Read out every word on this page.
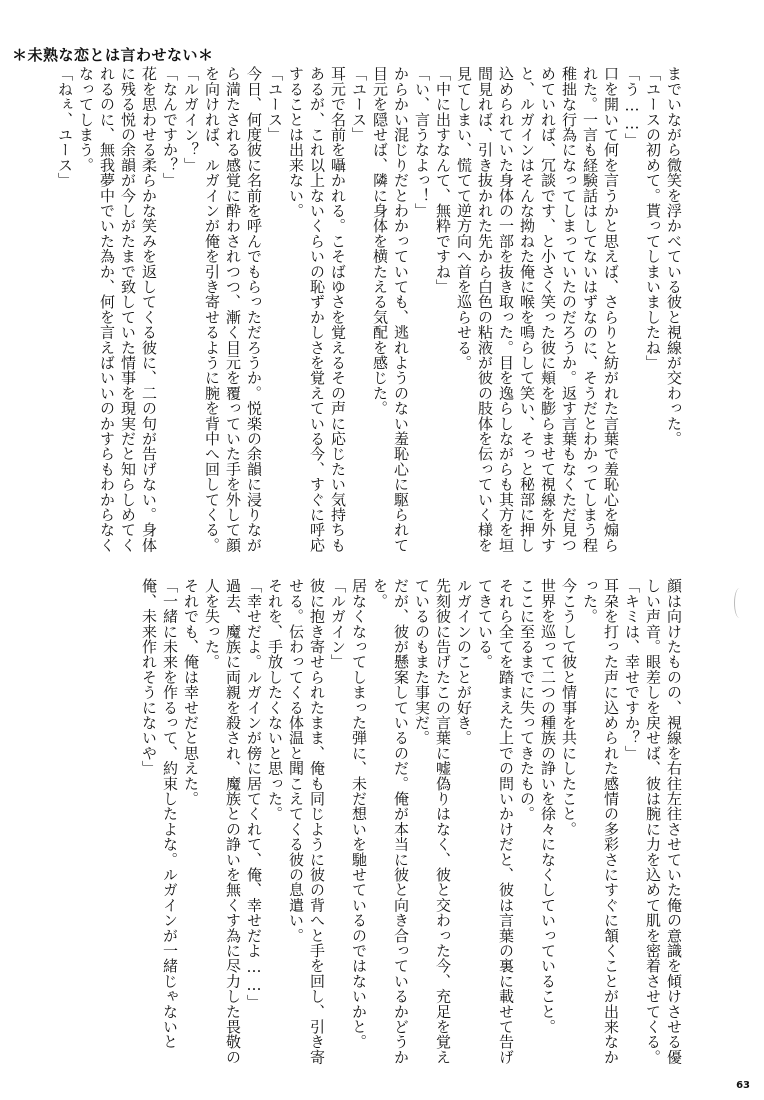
＊未熟な恋とは言わせない＊

までいながら微笑を浮かべている彼と視線が交わった。

「ユースの初めて。貰ってしまいましたね」

「う……」

口を開いて何を言うかと思えば、さらりと紡がれた言葉で羞恥心を煽られた。一言も経験話はしてないはずなのに、そうだとわかってしまう程稚拙な行為になってしまっていたのだろうか。返す言葉もなくただ見つめていれば、冗談です、と小さく笑った彼に頬を膨らませて視線を外すと、ルガインはそんな拗ねた俺に喉を鳴らして笑い、そっと秘部に押し込められていた身体の一部を抜き取った。目を逸らしながらも其方を垣間見れば、引き抜かれた先から白色の粘液が彼の肢体を伝っていく様を見てしまい、慌てて逆方向へ首を巡らせる。

「中に出すなんて、無粋ですね」

「い、言うなよっ！」

からかい混じりだとわかっていても、逃れようのない羞恥心に駆られて目元を隠せば、隣に身体を横たえる気配を感じた。

「ユース」

耳元で名前を囁かれる。こそばゆさを覚えるその声に応じたい気持ちもあるが、これ以上ないくらいの恥ずかしさを覚えている今、すぐに呼応することは出来ない。

「ユース」

今日、何度彼に名前を呼んでもらっただろうか。悦楽の余韻に浸りながら満たされる感覚に酔わされつつ、漸く目元を覆っていた手を外して顔を向ければ、ルガインが俺を引き寄せるように腕を背中へ回してくる。

「ルガイン？」

「なんですか？」

花を思わせる柔らかな笑みを返してくる彼に、二の句が告げない。身体に残る悦の余韻が今しがたまで致していた情事を現実だと知らしめてくれるのに、無我夢中でいた為か、何を言えばいいのかすらもわからなくなってしまう。

「ねぇ、ユース」

顔は向けたものの、視線を右往左往させていた俺の意識を傾けさせる優しい声音。眼差しを戻せば、彼は腕に力を込めて肌を密着させてくる。

「キミは、幸せですか？」

耳朶を打った声に込められた感情の多彩さにすぐに頷くことが出来なかった。

今こうして彼と情事を共にしたこと。

世界を巡って二つの種族の諍いを徐々になくしていっていること。

ここに至るまでに失ってきたもの。

それら全てを踏まえた上での問いかけだと、彼は言葉の裏に載せて告げてきている。

ルガインのことが好き。

先刻彼に告げたこの言葉に嘘偽りはなく、彼と交わった今、充足を覚えているのもまた事実だ。

だが、彼が懸案しているのだ。俺が本当に彼と向き合っているかどうかを。

居なくなってしまった弾に、未だ想いを馳せているのではないかと。

「ルガイン」

彼に抱き寄せられたまま、俺も同じように彼の背へと手を回し、引き寄せる。伝わってくる体温と聞こえてくる彼の息遣い。

それを、手放したくないと思った。

「幸せだよ。ルガインが傍に居てくれて、俺、幸せだよ……」

過去、魔族に両親を殺され、魔族との諍いを無くす為に尽力した畏敬の人を失った。

それでも、俺は幸せだと思えた。

「一緒に未来を作るって、約束したよな。ルガインが一緒じゃないと俺、未来作れそうにないや」

63
